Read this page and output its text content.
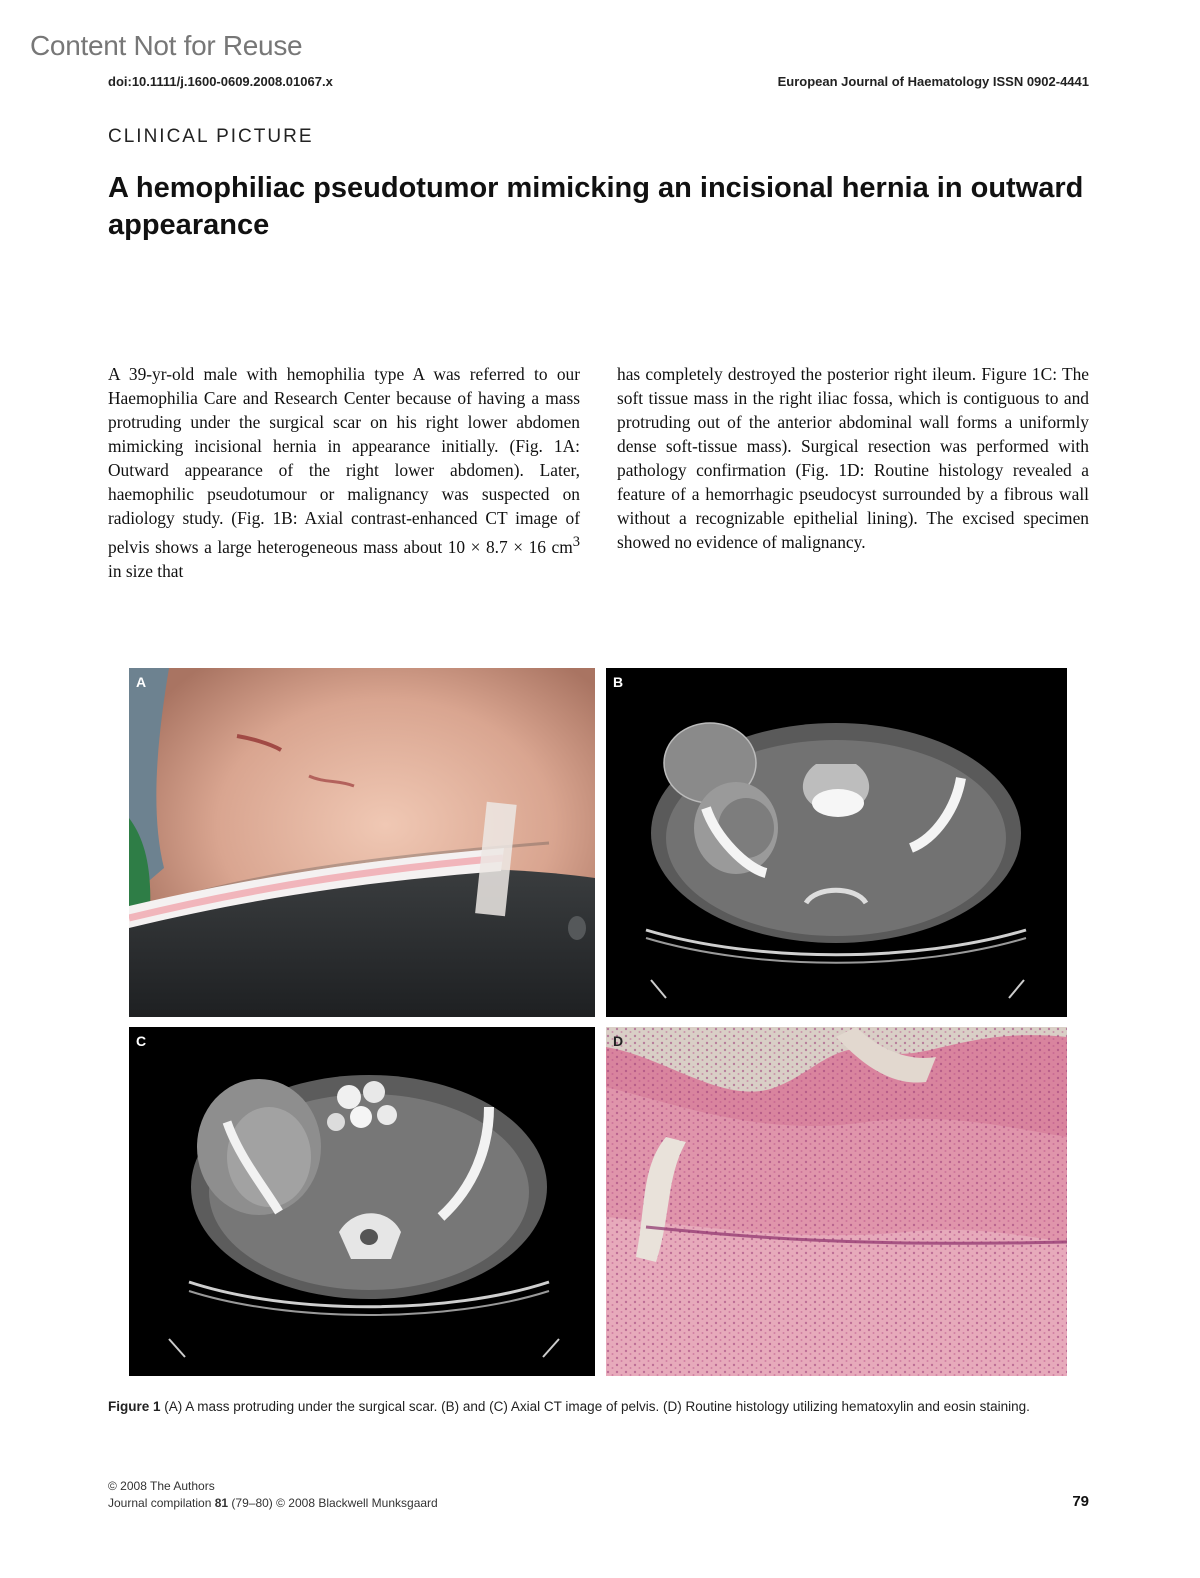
Content Not for Reuse
doi:10.1111/j.1600-0609.2008.01067.x	European Journal of Haematology ISSN 0902-4441
CLINICAL PICTURE
A hemophiliac pseudotumor mimicking an incisional hernia in outward appearance

A 39-yr-old male with hemophilia type A was referred to our Haemophilia Care and Research Center because of having a mass protruding under the surgical scar on his right lower abdomen mimicking incisional hernia in appearance initially. (Fig. 1A: Outward appearance of the right lower abdomen). Later, haemophilic pseudotumour or malignancy was suspected on radiology study. (Fig. 1B: Axial contrast-enhanced CT image of pelvis shows a large heterogeneous mass about 10 × 8.7 × 16 $cm^3$ in size that

has completely destroyed the posterior right ileum. Figure 1C: The soft tissue mass in the right iliac fossa, which is contiguous to and protruding out of the anterior abdominal wall forms a uniformly dense soft-tissue mass). Surgical resection was performed with pathology confirmation (Fig. 1D: Routine histology revealed a feature of a hemorrhagic pseudocyst surrounded by a fibrous wall without a recognizable epithelial lining). The excised specimen showed no evidence of malignancy.

A	B
C	D

Figure 1 (A) A mass protruding under the surgical scar. (B) and (C) Axial CT image of pelvis. (D) Routine histology utilizing hematoxylin and eosin staining.

© 2008 The Authors
Journal compilation 81 (79–80) © 2008 Blackwell Munksgaard	79
